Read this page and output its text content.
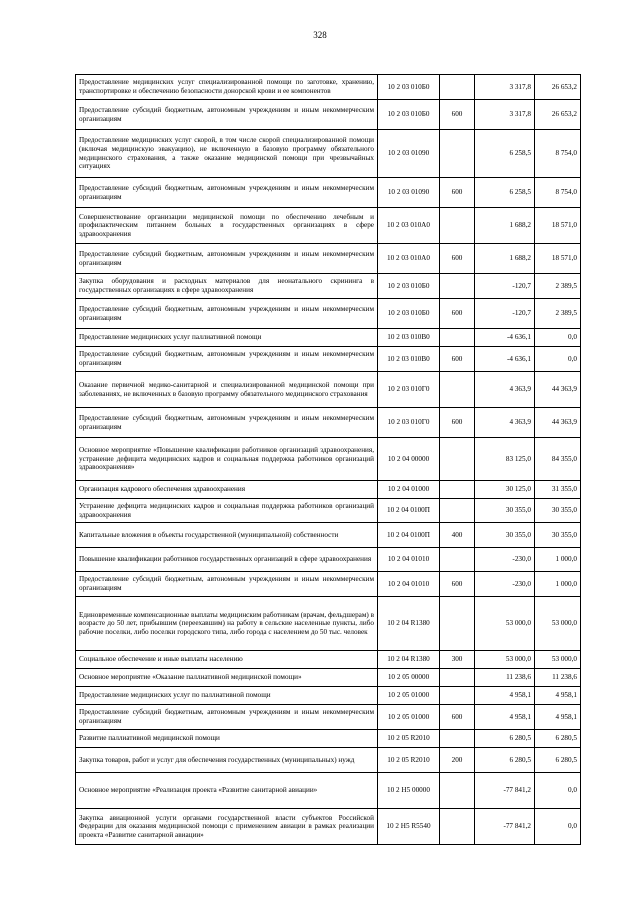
328
Предоставление медицинских услуг специализированной помощи по заготовке, хранению, транспортировке и обеспечению безопасности донорской крови и ее компонентов	10 2 03 010Б0		3 317,8	26 653,2
Предоставление субсидий бюджетным, автономным учреждениям и иным некоммерческим организациям	10 2 03 010Б0	600	3 317,8	26 653,2
Предоставление медицинских услуг скорой, в том числе скорой специализированной помощи (включая медицинскую эвакуацию), не включенную в базовую программу обязательного медицинского страхования, а также оказание медицинской помощи при чрезвычайных ситуациях	10 2 03 01090		6 258,5	8 754,0
Предоставление субсидий бюджетным, автономным учреждениям и иным некоммерческим организациям	10 2 03 01090	600	6 258,5	8 754,0
Совершенствование организации медицинской помощи по обеспечению лечебным и профилактическим питанием больных в государственных организациях в сфере здравоохранения	10 2 03 010А0		1 688,2	18 571,0
Предоставление субсидий бюджетным, автономным учреждениям и иным некоммерческим организациям	10 2 03 010А0	600	1 688,2	18 571,0
Закупка оборудования и расходных материалов для неонатального скрининга в государственных организациях в сфере здравоохранения	10 2 03 010Б0		-120,7	2 389,5
Предоставление субсидий бюджетным, автономным учреждениям и иным некоммерческим организациям	10 2 03 010Б0	600	-120,7	2 389,5
Предоставление медицинских услуг паллиативной помощи	10 2 03 010В0		-4 636,1	0,0
Предоставление субсидий бюджетным, автономным учреждениям и иным некоммерческим организациям	10 2 03 010В0	600	-4 636,1	0,0
Оказание первичной медико-санитарной и специализированной медицинской помощи при заболеваниях, не включенных в базовую программу обязательного медицинского страхования	10 2 03 010Г0		4 363,9	44 363,9
Предоставление субсидий бюджетным, автономным учреждениям и иным некоммерческим организациям	10 2 03 010Г0	600	4 363,9	44 363,9
Основное мероприятие «Повышение квалификации работников организаций здравоохранения, устранение дефицита медицинских кадров и социальная поддержка работников организаций здравоохранения»	10 2 04 00000		83 125,0	84 355,0
Организация кадрового обеспечения здравоохранения	10 2 04 01000		30 125,0	31 355,0
Устранение дефицита медицинских кадров и социальная поддержка работников организаций здравоохранения	10 2 04 0100П		30 355,0	30 355,0
Капитальные вложения в объекты государственной (муниципальной) собственности	10 2 04 0100П	400	30 355,0	30 355,0
Повышение квалификации работников государственных организаций в сфере здравоохранения	10 2 04 01010		-230,0	1 000,0
Предоставление субсидий бюджетным, автономным учреждениям и иным некоммерческим организациям	10 2 04 01010	600	-230,0	1 000,0
Единовременные компенсационные выплаты медицинским работникам (врачам, фельдшерам) в возрасте до 50 лет, прибывшим (переехавшим) на работу в сельские населенные пункты, либо рабочие поселки, либо поселки городского типа, либо города с населением до 50 тыс. человек	10 2 04 R1380		53 000,0	53 000,0
Социальное обеспечение и иные выплаты населению	10 2 04 R1380	300	53 000,0	53 000,0
Основное мероприятие «Оказание паллиативной медицинской помощи»	10 2 05 00000		11 238,6	11 238,6
Предоставление медицинских услуг по паллиативной помощи	10 2 05 01000		4 958,1	4 958,1
Предоставление субсидий бюджетным, автономным учреждениям и иным некоммерческим организациям	10 2 05 01000	600	4 958,1	4 958,1
Развитие паллиативной медицинской помощи	10 2 05 R2010		6 280,5	6 280,5
Закупка товаров, работ и услуг для обеспечения государственных (муниципальных) нужд	10 2 05 R2010	200	6 280,5	6 280,5
Основное мероприятие «Реализация проекта «Развитие санитарной авиации»	10 2 Н5 00000		-77 841,2	0,0
Закупка авиационной услуги органами государственной власти субъектов Российской Федерации для оказания медицинской помощи с применением авиации в рамках реализации проекта «Развитие санитарной авиации»	10 2 Н5 R5540		-77 841,2	0,0
